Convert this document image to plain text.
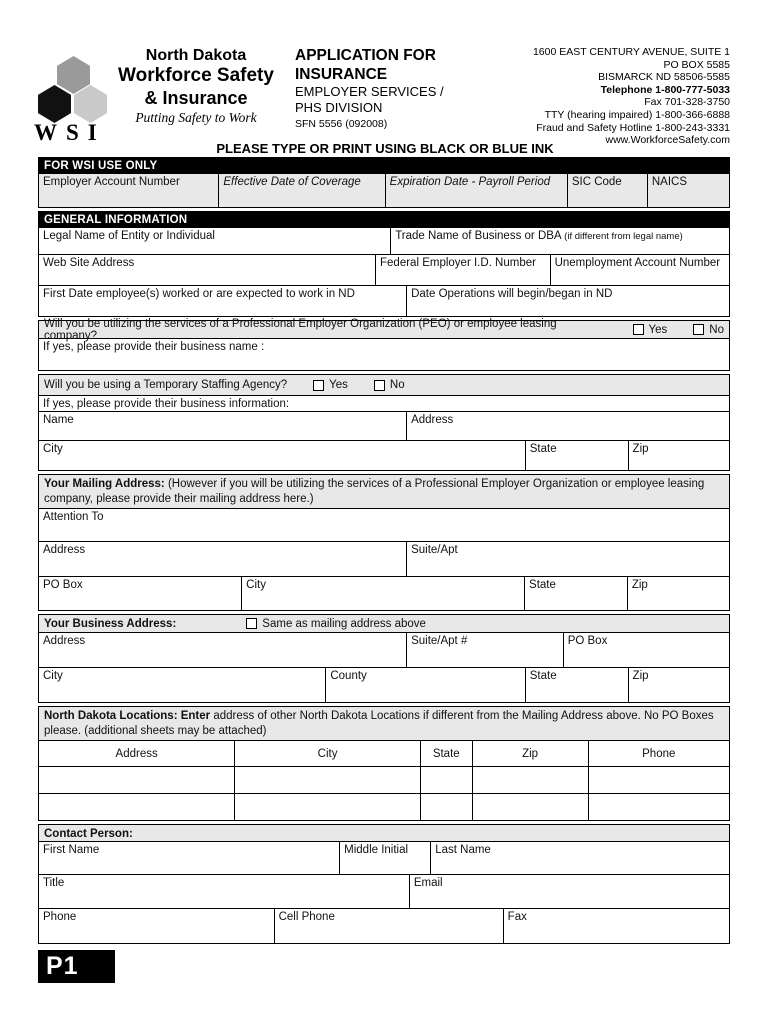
WSI
North Dakota
Workforce Safety
& Insurance
Putting Safety to Work
APPLICATION FOR
INSURANCE
EMPLOYER SERVICES /
PHS DIVISION
SFN 5556 (092008)
1600 EAST CENTURY AVENUE, SUITE 1
PO BOX 5585
BISMARCK ND 58506-5585
Telephone 1-800-777-5033
Fax 701-328-3750
TTY (hearing impaired) 1-800-366-6888
Fraud and Safety Hotline 1-800-243-3331
www.WorkforceSafety.com
PLEASE TYPE OR PRINT USING BLACK OR BLUE INK
FOR WSI USE ONLY
Employer Account Number	Effective Date of Coverage	Expiration Date - Payroll Period	SIC Code	NAICS
GENERAL INFORMATION
Legal Name of Entity or Individual	Trade Name of Business or DBA (if different from legal name)
Web Site Address	Federal Employer I.D. Number	Unemployment Account Number
First Date employee(s) worked or are expected to work in ND	Date Operations will begin/began in ND
Will you be utilizing the services of a Professional Employer Organization (PEO) or employee leasing company?	Yes	No
If yes, please provide their business name :
Will you be using a Temporary Staffing Agency?	Yes	No
If yes, please provide their business information:
Name	Address
City	State	Zip
Your Mailing Address: (However if you will be utilizing the services of a Professional Employer Organization or employee leasing company, please provide their mailing address here.)
Attention To
Address	Suite/Apt
PO Box	City	State	Zip
Your Business Address:	Same as mailing address above
Address	Suite/Apt #	PO Box
City	County	State	Zip
North Dakota Locations: Enter address of other North Dakota Locations if different from the Mailing Address above. No PO Boxes please. (additional sheets may be attached)
Address	City	State	Zip	Phone
Contact Person:
First Name	Middle Initial	Last Name
Title	Email
Phone	Cell Phone	Fax
P1
